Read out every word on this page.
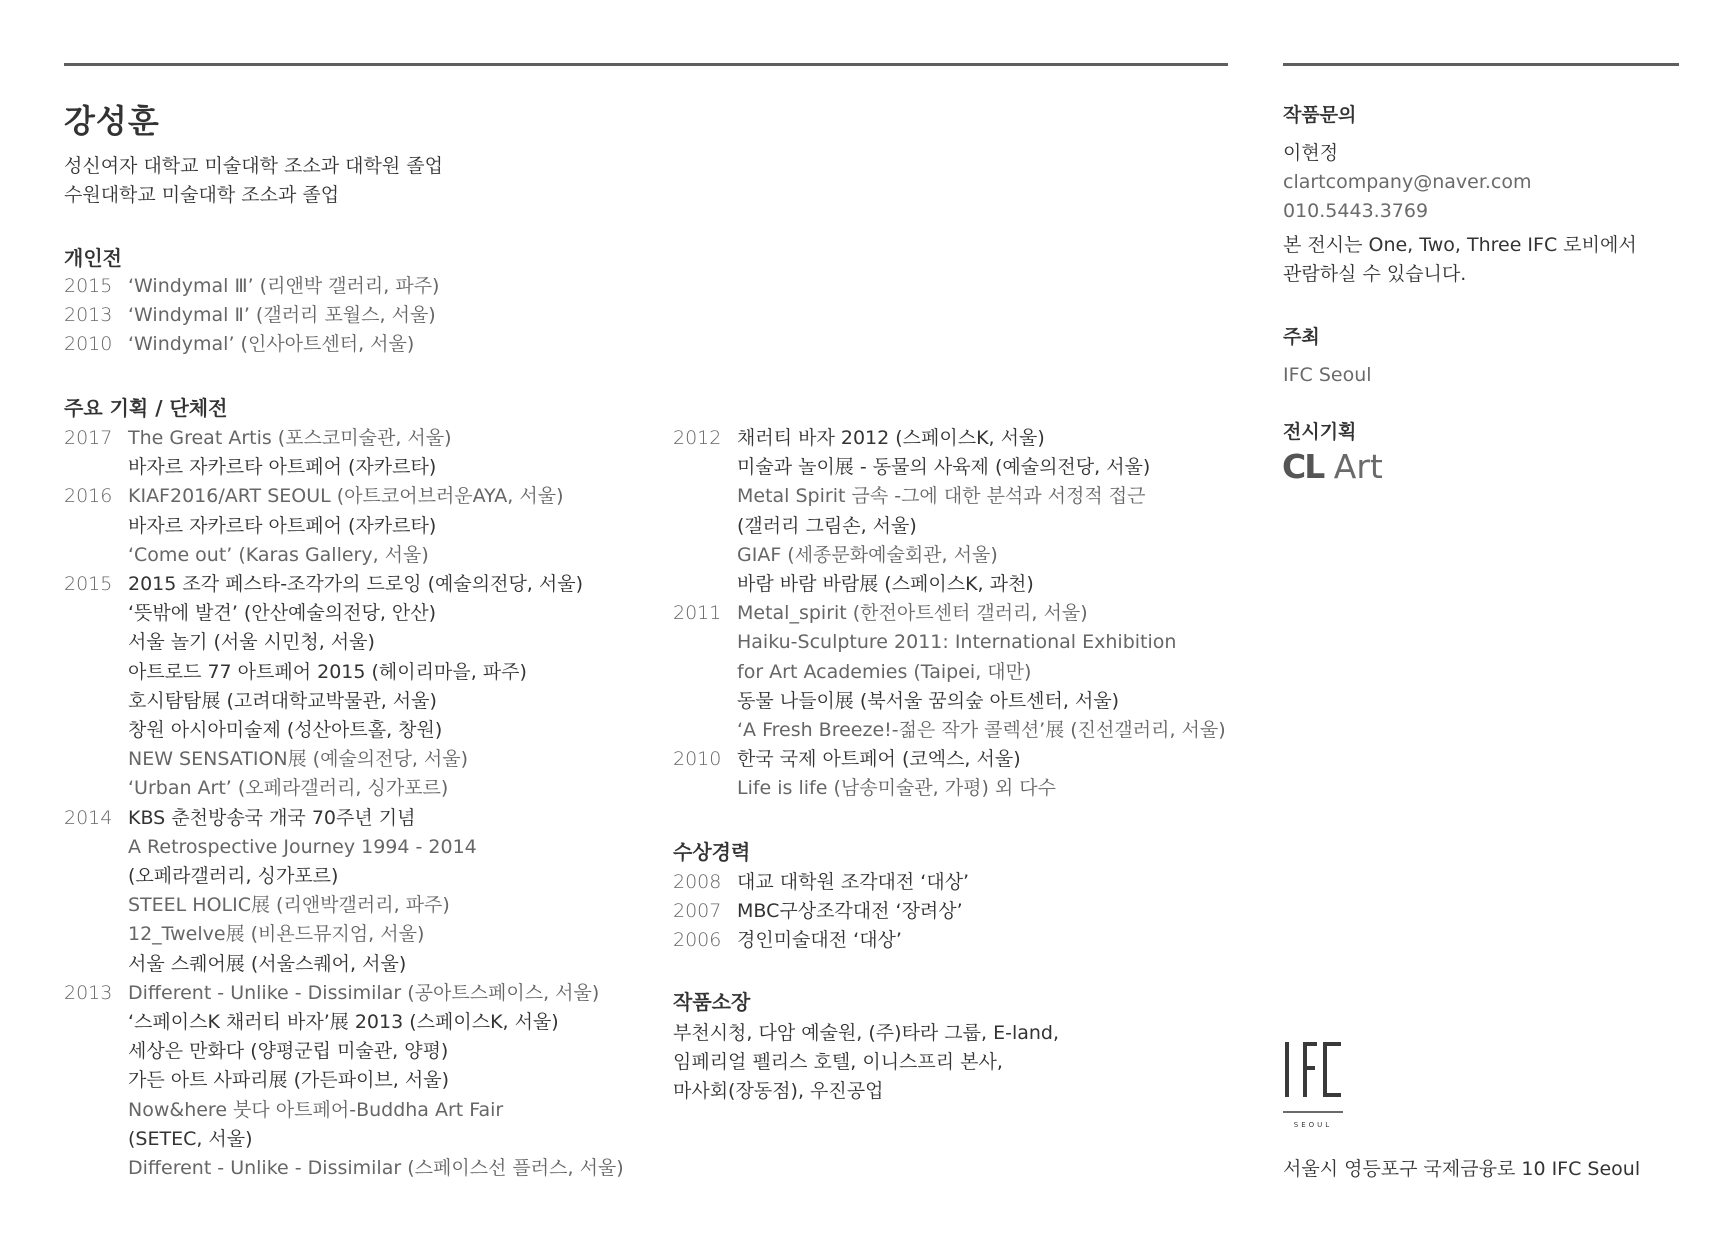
강성훈
성신여자 대학교 미술대학 조소과 대학원 졸업
수원대학교 미술대학 조소과 졸업
개인전
2015 ‘Windymal Ⅲ’ (리앤박 갤러리, 파주)
2013 ‘Windymal Ⅱ’ (갤러리 포월스, 서울)
2010 ‘Windymal’ (인사아트센터, 서울)
주요 기획 / 단체전
2017 The Great Artis (포스코미술관, 서울)
바자르 자카르타 아트페어 (자카르타)
2016 KIAF2016/ART SEOUL (아트코어브러운AYA, 서울)
바자르 자카르타 아트페어 (자카르타)
‘Come out’ (Karas Gallery, 서울)
2015 2015 조각 페스타-조각가의 드로잉 (예술의전당, 서울)
‘뜻밖에 발견’ (안산예술의전당, 안산)
서울 놀기 (서울 시민청, 서울)
아트로드 77 아트페어 2015 (헤이리마을, 파주)
호시탐탐展 (고려대학교박물관, 서울)
창원 아시아미술제 (성산아트홀, 창원)
NEW SENSATION展 (예술의전당, 서울)
‘Urban Art’ (오페라갤러리, 싱가포르)
2014 KBS 춘천방송국 개국 70주년 기념
A Retrospective Journey 1994 - 2014
(오페라갤러리, 싱가포르)
STEEL HOLIC展 (리앤박갤러리, 파주)
12_Twelve展 (비욘드뮤지엄, 서울)
서울 스퀘어展 (서울스퀘어, 서울)
2013 Different - Unlike - Dissimilar (공아트스페이스, 서울)
‘스페이스K 채러티 바자’展 2013 (스페이스K, 서울)
세상은 만화다 (양평군립 미술관, 양평)
가든 아트 사파리展 (가든파이브, 서울)
Now&here 붓다 아트페어-Buddha Art Fair
(SETEC, 서울)
Different - Unlike - Dissimilar (스페이스선 플러스, 서울)
2012 채러티 바자 2012 (스페이스K, 서울)
미술과 놀이展 - 동물의 사육제 (예술의전당, 서울)
Metal Spirit 금속 -그에 대한 분석과 서정적 접근
(갤러리 그림손, 서울)
GIAF (세종문화예술회관, 서울)
바람 바람 바람展 (스페이스K, 과천)
2011 Metal_spirit (한전아트센터 갤러리, 서울)
Haiku-Sculpture 2011: International Exhibition
for Art Academies (Taipei, 대만)
동물 나들이展 (북서울 꿈의숲 아트센터, 서울)
‘A Fresh Breeze!-젊은 작가 콜렉션’展 (진선갤러리, 서울)
2010 한국 국제 아트페어 (코엑스, 서울)
Life is life (남송미술관, 가평) 외 다수
수상경력
2008 대교 대학원 조각대전 ‘대상’
2007 MBC구상조각대전 ‘장려상’
2006 경인미술대전 ‘대상’
작품소장
부천시청, 다암 예술원, (주)타라 그룹, E-land,
임페리얼 펠리스 호텔, 이니스프리 본사,
마사회(장동점), 우진공업
작품문의
이현정
clartcompany@naver.com
010.5443.3769
본 전시는 One, Two, Three IFC 로비에서
관람하실 수 있습니다.
주최
IFC Seoul
전시기획
CL Art
SEOUL
서울시 영등포구 국제금융로 10 IFC Seoul
